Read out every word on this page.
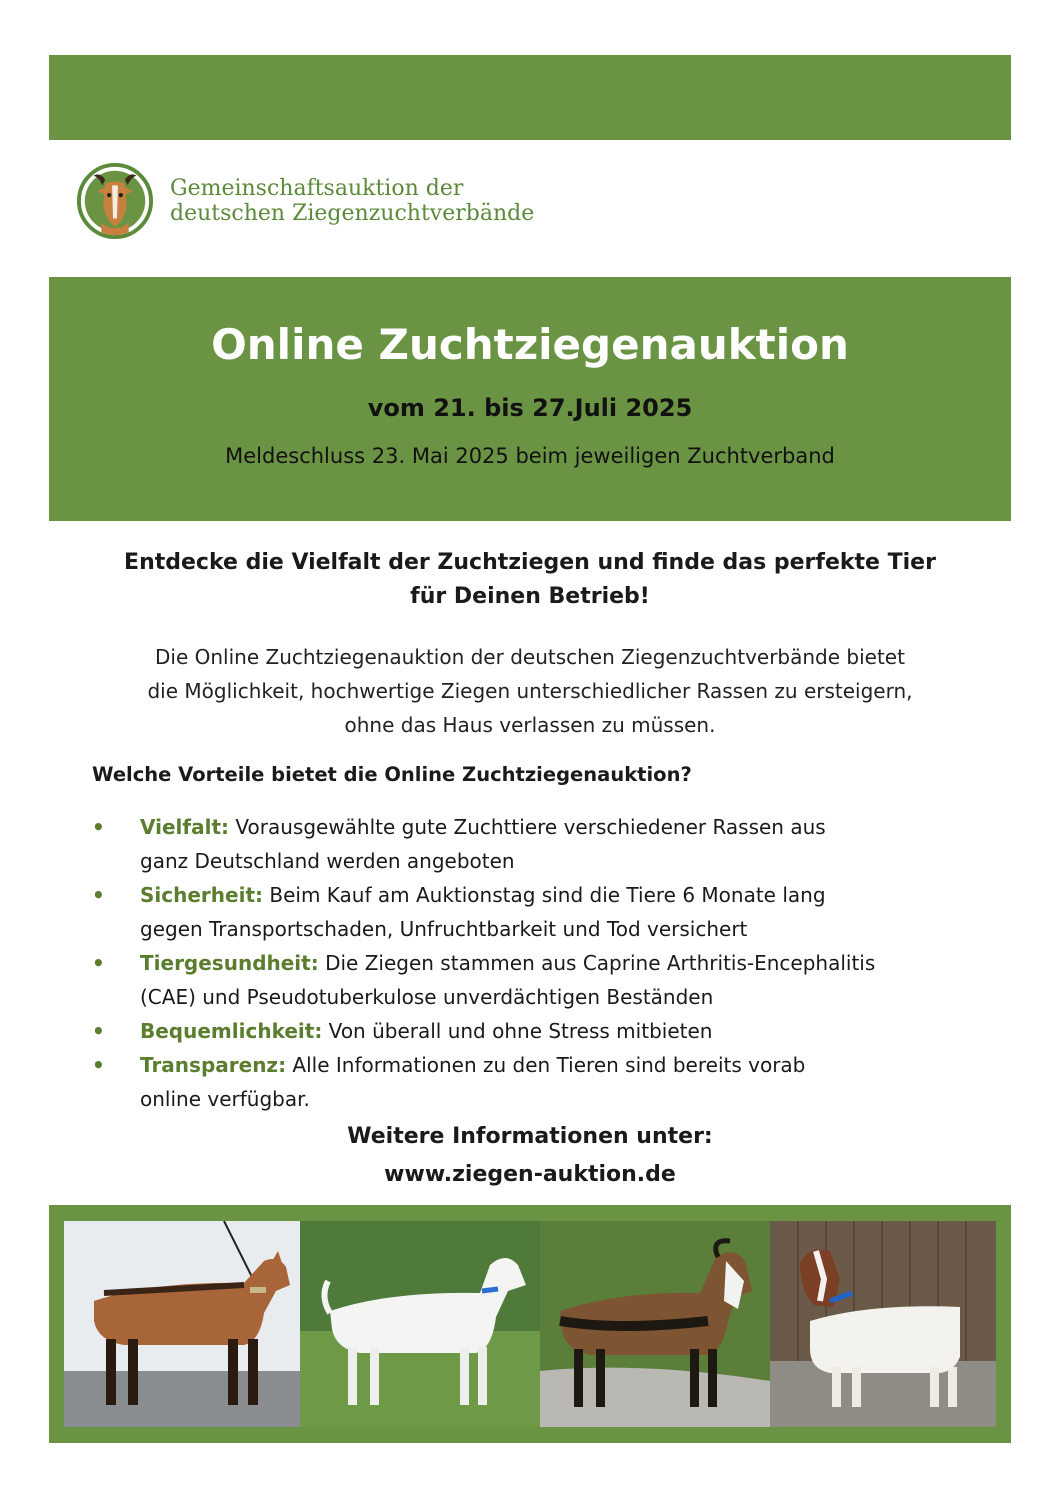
Gemeinschaftsauktion der
deutschen Ziegenzuchtverbände
Online Zuchtziegenauktion
vom 21. bis 27.Juli 2025
Meldeschluss 23. Mai 2025 beim jeweiligen Zuchtverband
Entdecke die Vielfalt der Zuchtziegen und finde das perfekte Tier
für Deinen Betrieb!
Die Online Zuchtziegenauktion der deutschen Ziegenzuchtverbände bietet
die Möglichkeit, hochwertige Ziegen unterschiedlicher Rassen zu ersteigern,
ohne das Haus verlassen zu müssen.
Welche Vorteile bietet die Online Zuchtziegenauktion?
• Vielfalt: Vorausgewählte gute Zuchttiere verschiedener Rassen aus
ganz Deutschland werden angeboten
• Sicherheit: Beim Kauf am Auktionstag sind die Tiere 6 Monate lang
gegen Transportschaden, Unfruchtbarkeit und Tod versichert
• Tiergesundheit: Die Ziegen stammen aus Caprine Arthritis-Encephalitis
(CAE) und Pseudotuberkulose unverdächtigen Beständen
• Bequemlichkeit: Von überall und ohne Stress mitbieten
• Transparenz: Alle Informationen zu den Tieren sind bereits vorab
online verfügbar.
Weitere Informationen unter:
www.ziegen-auktion.de
